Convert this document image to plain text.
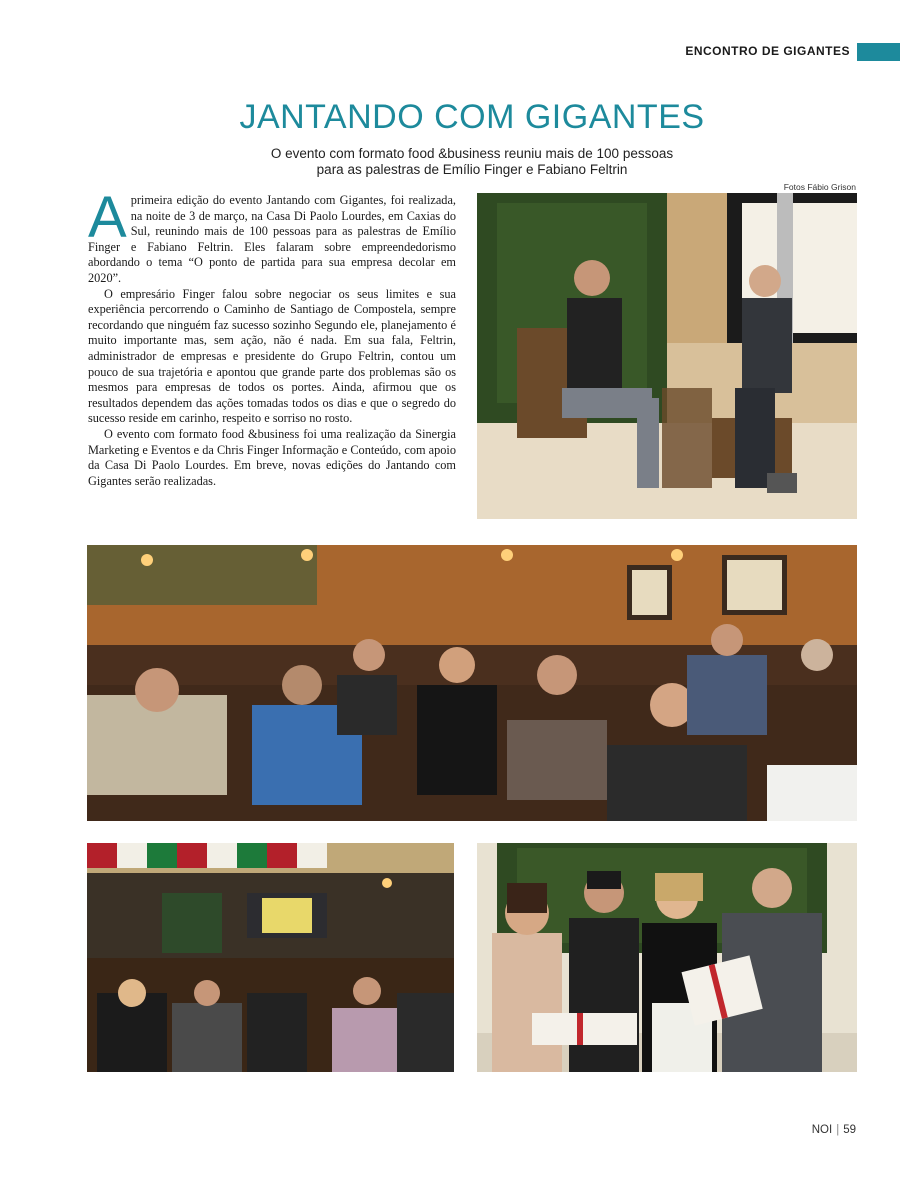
ENCONTRO DE GIGANTES
JANTANDO COM GIGANTES
O evento com formato food &business reuniu mais de 100 pessoas
para as palestras de Emílio Finger e Fabiano Feltrin
Fotos Fábio Grison

Aprimeira edição do evento Jantando com Gigantes, foi realizada, na noite de 3 de março, na Casa Di Paolo Lourdes, em Caxias do Sul, reunindo mais de 100 pessoas para as palestras de Emílio Finger e Fabiano Feltrin. Eles falaram sobre empreendedorismo abordando o tema “O ponto de partida para sua empresa decolar em 2020”.

O empresário Finger falou sobre negociar os seus limites e sua experiência percorrendo o Caminho de Santiago de Compostela, sempre recordando que ninguém faz sucesso sozinho Segundo ele, planejamento é muito importante mas, sem ação, não é nada. Em sua fala, Feltrin, administrador de empresas e presidente do Grupo Feltrin, contou um pouco de sua trajetória e apontou que grande parte dos problemas são os mesmos para empresas de todos os portes. Ainda, afirmou que os resultados dependem das ações tomadas todos os dias e que o segredo do sucesso reside em carinho, respeito e sorriso no rosto.

O evento com formato food &business foi uma realização da Sinergia Marketing e Eventos e da Chris Finger Informação e Conteúdo, com apoio da Casa Di Paolo Lourdes. Em breve, novas edições do Jantando com Gigantes serão realizadas.

NOI | 59
